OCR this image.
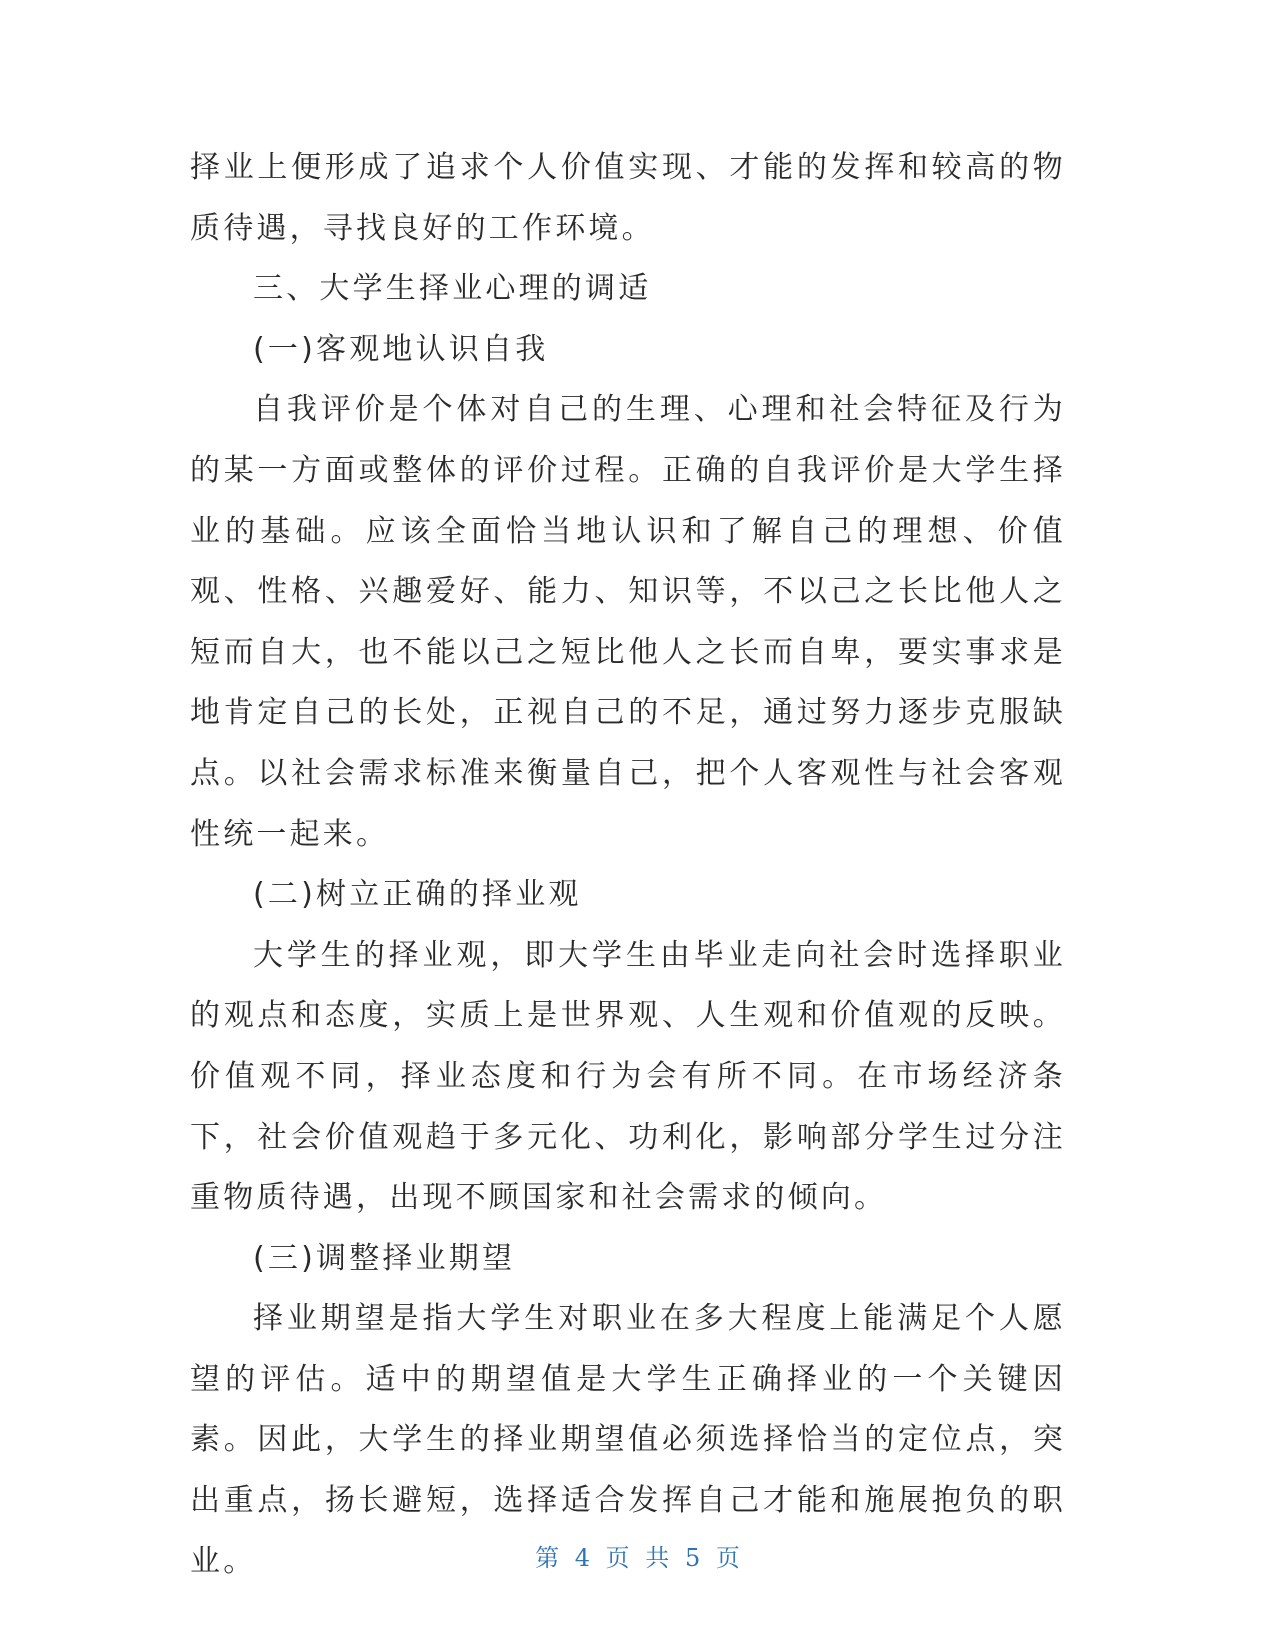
择业上便形成了追求个人价值实现、才能的发挥和较高的物质待遇，寻找良好的工作环境。

三、大学生择业心理的调适

(一)客观地认识自我

自我评价是个体对自己的生理、心理和社会特征及行为的某一方面或整体的评价过程。正确的自我评价是大学生择业的基础。应该全面恰当地认识和了解自己的理想、价值观、性格、兴趣爱好、能力、知识等，不以己之长比他人之短而自大，也不能以己之短比他人之长而自卑，要实事求是地肯定自己的长处，正视自己的不足，通过努力逐步克服缺点。以社会需求标准来衡量自己，把个人客观性与社会客观性统一起来。

(二)树立正确的择业观

大学生的择业观，即大学生由毕业走向社会时选择职业的观点和态度，实质上是世界观、人生观和价值观的反映。价值观不同，择业态度和行为会有所不同。在市场经济条下，社会价值观趋于多元化、功利化，影响部分学生过分注重物质待遇，出现不顾国家和社会需求的倾向。

(三)调整择业期望

择业期望是指大学生对职业在多大程度上能满足个人愿望的评估。适中的期望值是大学生正确择业的一个关键因素。因此，大学生的择业期望值必须选择恰当的定位点，突出重点，扬长避短，选择适合发挥自己才能和施展抱负的职业。	第 4 页 共 5 页
